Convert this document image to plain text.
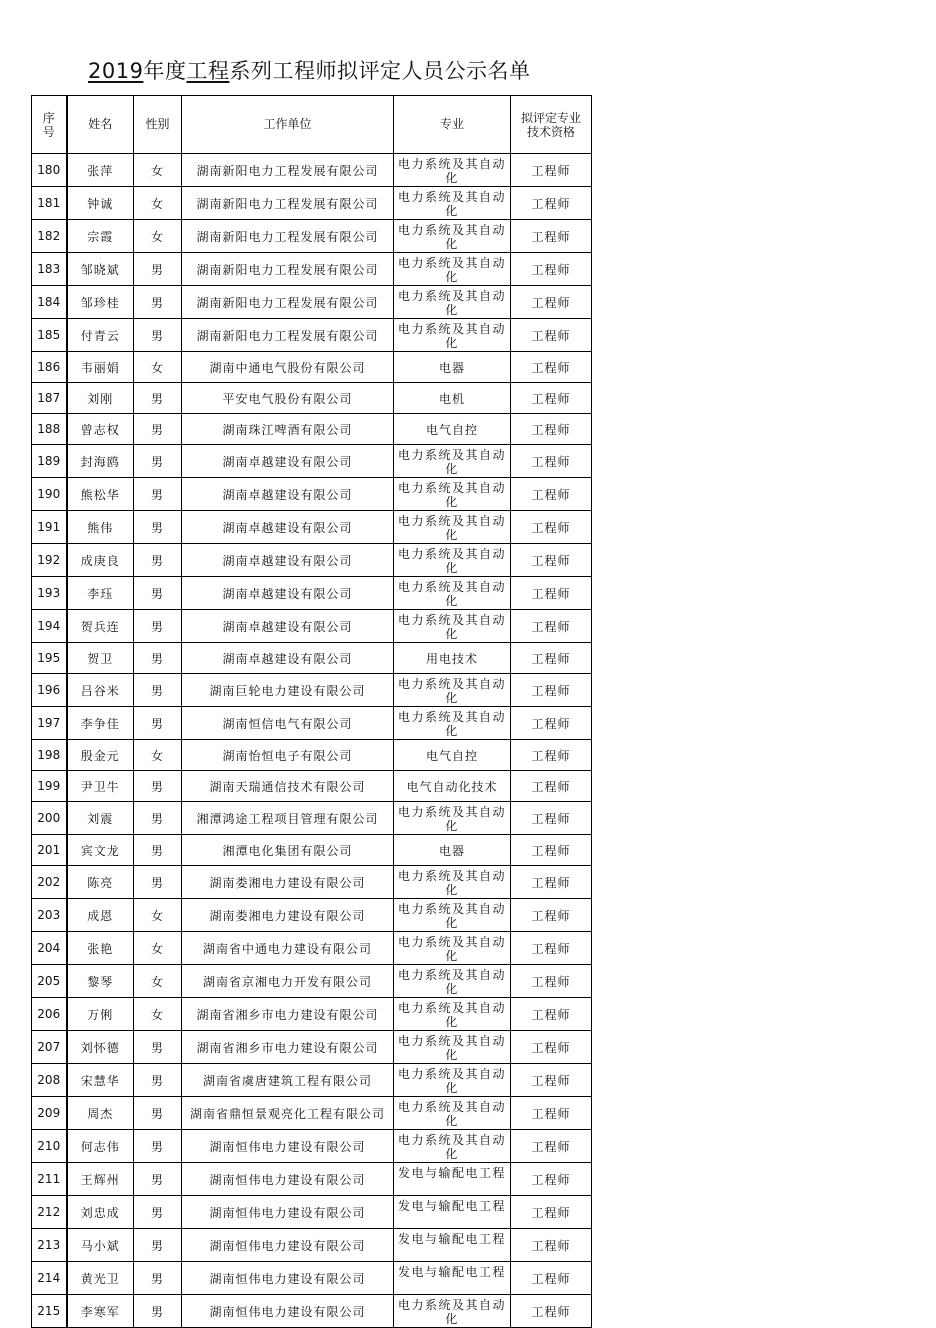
2019年度工程系列工程师拟评定人员公示名单
序号	姓名	性别	工作单位	专业	拟评定专业技术资格

180	张萍	女	湖南新阳电力工程发展有限公司	电力系统及其自动化	工程师
181	钟诚	女	湖南新阳电力工程发展有限公司	电力系统及其自动化	工程师
182	宗霞	女	湖南新阳电力工程发展有限公司	电力系统及其自动化	工程师
183	邹晓斌	男	湖南新阳电力工程发展有限公司	电力系统及其自动化	工程师
184	邹珍桂	男	湖南新阳电力工程发展有限公司	电力系统及其自动化	工程师
185	付青云	男	湖南新阳电力工程发展有限公司	电力系统及其自动化	工程师
186	韦丽娟	女	湖南中通电气股份有限公司	电器	工程师
187	刘刚	男	平安电气股份有限公司	电机	工程师
188	曾志权	男	湖南珠江啤酒有限公司	电气自控	工程师
189	封海鸥	男	湖南卓越建设有限公司	电力系统及其自动化	工程师
190	熊松华	男	湖南卓越建设有限公司	电力系统及其自动化	工程师
191	熊伟	男	湖南卓越建设有限公司	电力系统及其自动化	工程师
192	成庚良	男	湖南卓越建设有限公司	电力系统及其自动化	工程师
193	李珏	男	湖南卓越建设有限公司	电力系统及其自动化	工程师
194	贺兵连	男	湖南卓越建设有限公司	电力系统及其自动化	工程师
195	贺卫	男	湖南卓越建设有限公司	用电技术	工程师
196	吕谷米	男	湖南巨轮电力建设有限公司	电力系统及其自动化	工程师
197	李争佳	男	湖南恒信电气有限公司	电力系统及其自动化	工程师
198	殷金元	女	湖南怡恒电子有限公司	电气自控	工程师
199	尹卫牛	男	湖南天瑞通信技术有限公司	电气自动化技术	工程师
200	刘震	男	湘潭鸿途工程项目管理有限公司	电力系统及其自动化	工程师
201	宾文龙	男	湘潭电化集团有限公司	电器	工程师
202	陈亮	男	湖南娄湘电力建设有限公司	电力系统及其自动化	工程师
203	成恩	女	湖南娄湘电力建设有限公司	电力系统及其自动化	工程师
204	张艳	女	湖南省中通电力建设有限公司	电力系统及其自动化	工程师
205	黎琴	女	湖南省京湘电力开发有限公司	电力系统及其自动化	工程师
206	万俐	女	湖南省湘乡市电力建设有限公司	电力系统及其自动化	工程师
207	刘怀德	男	湖南省湘乡市电力建设有限公司	电力系统及其自动化	工程师
208	宋慧华	男	湖南省虞唐建筑工程有限公司	电力系统及其自动化	工程师
209	周杰	男	湖南省鼎恒景观亮化工程有限公司	电力系统及其自动化	工程师
210	何志伟	男	湖南恒伟电力建设有限公司	电力系统及其自动化	工程师
211	王辉州	男	湖南恒伟电力建设有限公司	发电与输配电工程	工程师
212	刘忠成	男	湖南恒伟电力建设有限公司	发电与输配电工程	工程师
213	马小斌	男	湖南恒伟电力建设有限公司	发电与输配电工程	工程师
214	黄光卫	男	湖南恒伟电力建设有限公司	发电与输配电工程	工程师
215	李寒军	男	湖南恒伟电力建设有限公司	电力系统及其自动化	工程师
